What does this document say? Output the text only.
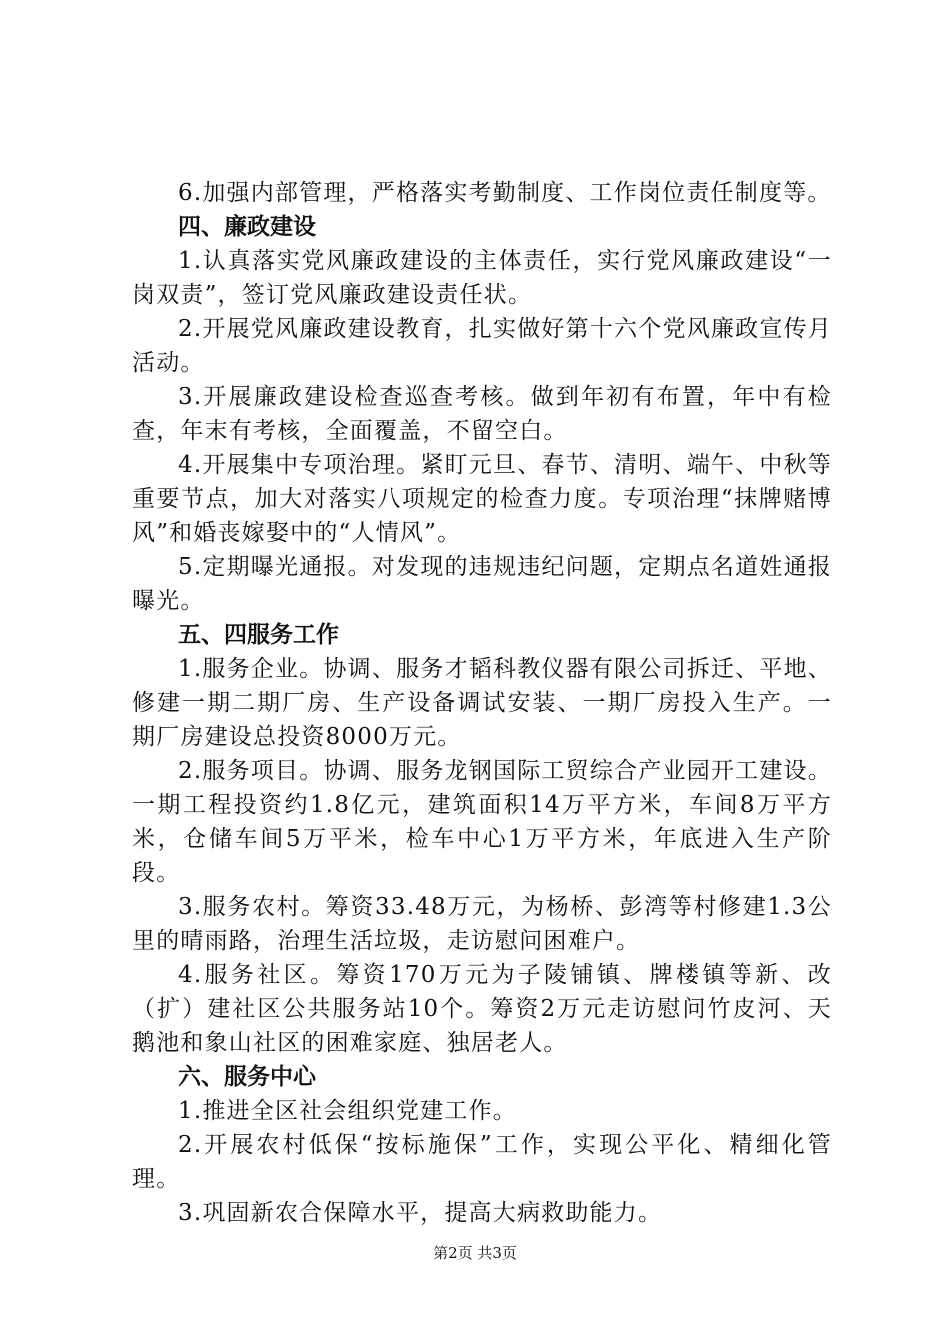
6.加强内部管理，严格落实考勤制度、工作岗位责任制度等。

四、廉政建设

1.认真落实党风廉政建设的主体责任，实行党风廉政建设“一岗双责”，签订党风廉政建设责任状。

2.开展党风廉政建设教育，扎实做好第十六个党风廉政宣传月活动。

3.开展廉政建设检查巡查考核。做到年初有布置，年中有检查，年末有考核，全面覆盖，不留空白。

4.开展集中专项治理。紧盯元旦、春节、清明、端午、中秋等重要节点，加大对落实八项规定的检查力度。专项治理“抹牌赌博风”和婚丧嫁娶中的“人情风”。

5.定期曝光通报。对发现的违规违纪问题，定期点名道姓通报曝光。

五、四服务工作

1.服务企业。协调、服务才韬科教仪器有限公司拆迁、平地、修建一期二期厂房、生产设备调试安装、一期厂房投入生产。一期厂房建设总投资8000万元。

2.服务项目。协调、服务龙钢国际工贸综合产业园开工建设。一期工程投资约1.8亿元，建筑面积14万平方米，车间8万平方米，仓储车间5万平米，检车中心1万平方米，年底进入生产阶段。

3.服务农村。筹资33.48万元，为杨桥、彭湾等村修建1.3公里的晴雨路，治理生活垃圾，走访慰问困难户。

4.服务社区。筹资170万元为子陵铺镇、牌楼镇等新、改（扩）建社区公共服务站10个。筹资2万元走访慰问竹皮河、天鹅池和象山社区的困难家庭、独居老人。

六、服务中心

1.推进全区社会组织党建工作。

2.开展农村低保“按标施保”工作，实现公平化、精细化管理。

3.巩固新农合保障水平，提高大病救助能力。

第2页 共3页
